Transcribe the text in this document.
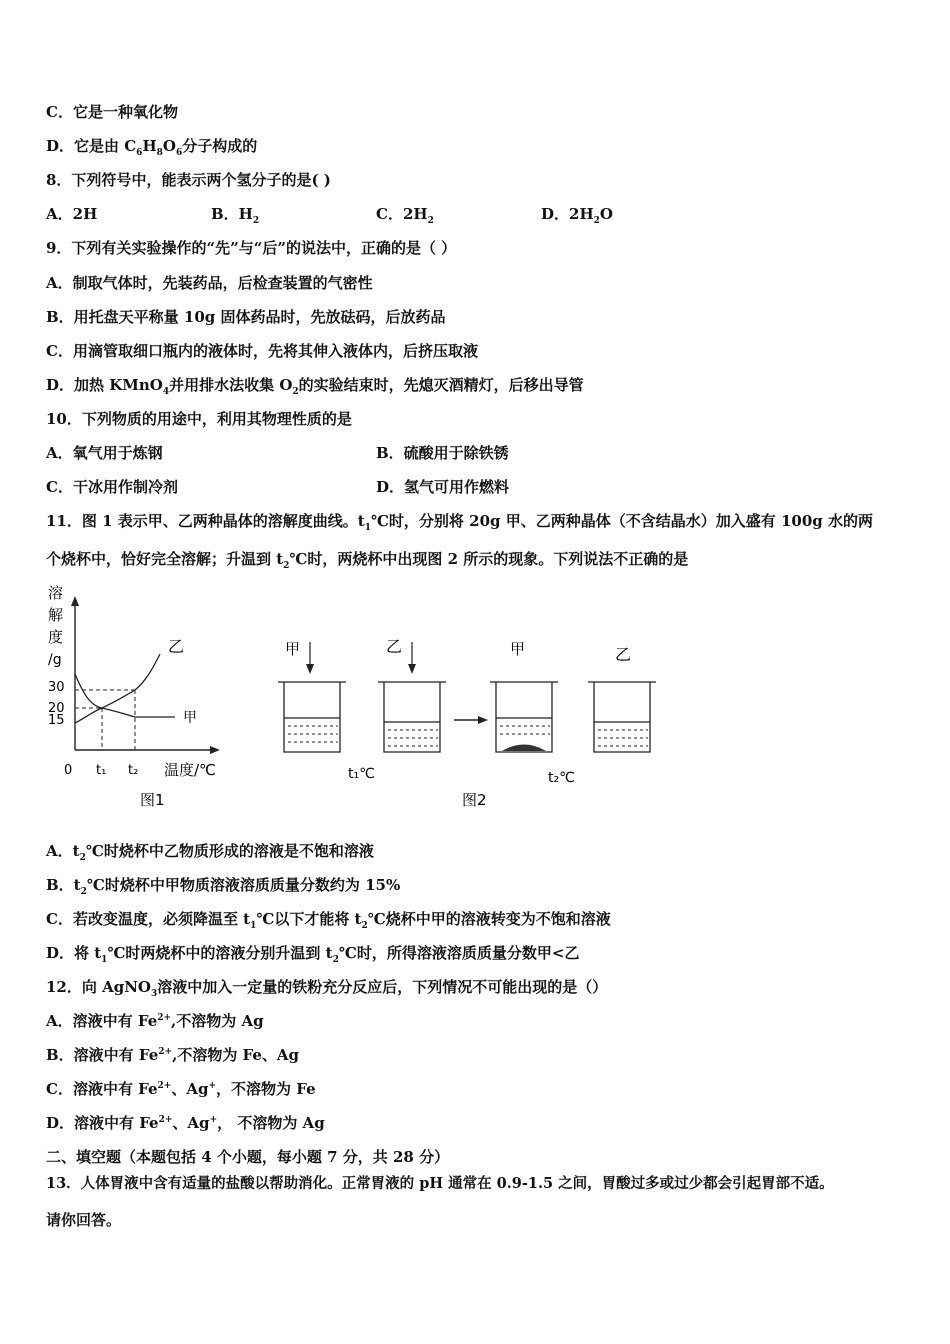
C．它是一种氧化物
D．它是由 $C_6H_8O_6$分子构成的
8．下列符号中，能表示两个氢分子的是( )
A．2H	B．$H_2$	C．$2H_2$	D．$2H_2O$
9．下列有关实验操作的“先”与“后”的说法中，正确的是（ ）
A．制取气体时，先装药品，后检查装置的气密性
B．用托盘天平称量 10g 固体药品时，先放砝码，后放药品
C．用滴管取细口瓶内的液体时，先将其伸入液体内，后挤压取液
D．加热 KMnO$_4$并用排水法收集 $O_2$的实验结束时，先熄灭酒精灯，后移出导管
10．下列物质的用途中，利用其物理性质的是
A．氧气用于炼钢	B．硫酸用于除铁锈
C．干冰用作制冷剂	D．氢气可用作燃料
11．图 1 表示甲、乙两种晶体的溶解度曲线。$t_1℃$时，分别将 20g 甲、乙两种晶体（不含结晶水）加入盛有 100g 水的两
个烧杯中，恰好完全溶解；升温到 $t_2℃$时，两烧杯中出现图 2 所示的现象。下列说法不正确的是
溶
解
度
/g
30
20
15
乙
甲
0 t₁ t₂ 温度/℃
图1
甲	乙
t₁℃
甲	乙
t₂℃
图2
A．$t_2℃$时烧杯中乙物质形成的溶液是不饱和溶液
B．$t_2℃$时烧杯中甲物质溶液溶质质量分数约为 15%
C．若改变温度，必须降温至 $t_1℃$以下才能将 $t_2℃$烧杯中甲的溶液转变为不饱和溶液
D．将 $t_1℃$时两烧杯中的溶液分别升温到 $t_2℃$时，所得溶液溶质质量分数甲<乙
12．向 AgNO$_3$溶液中加入一定量的铁粉充分反应后，下列情况不可能出现的是（）
A．溶液中有 $Fe^{2+}$,不溶物为 Ag
B．溶液中有 $Fe^{2+}$,不溶物为 Fe、Ag
C．溶液中有 $Fe^{2+}$、Ag+，不溶物为 Fe
D．溶液中有 $Fe^{2+}$、Ag+， 不溶物为 Ag
二、填空题（本题包括 4 个小题，每小题 7 分，共 28 分）
13．人体胃液中含有适量的盐酸以帮助消化。正常胃液的 pH 通常在 0.9-1.5 之间，胃酸过多或过少都会引起胃部不适。
请你回答。
